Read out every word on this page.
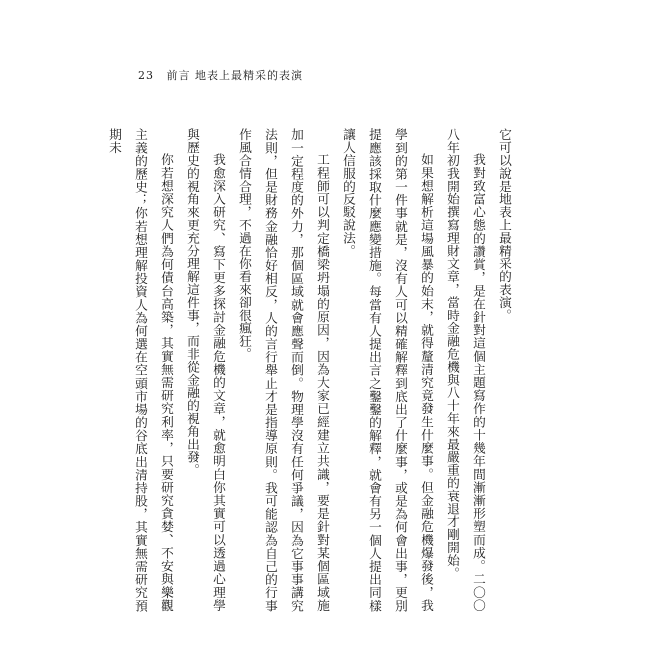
23 前言 地表上最精采的表演

它可以說是地表上最精采的表演。

我對致富心態的讚賞，是在針對這個主題寫作的十幾年間漸漸形塑而成。二〇〇八年初我開始撰寫理財文章，當時金融危機與八十年來最嚴重的衰退才剛開始。

如果想解析這場風暴的始末，就得釐清究竟發生什麼事。但金融危機爆發後，我學到的第一件事就是，沒有人可以精確解釋到底出了什麼事，或是為何會出事，更別提應該採取什麼應變措施。每當有人提出言之鑿鑿的解釋，就會有另一個人提出同樣讓人信服的反駁說法。

工程師可以判定橋梁坍塌的原因，因為大家已經建立共識，要是針對某個區域施加一定程度的外力，那個區域就會應聲而倒。物理學沒有任何爭議，因為它事事講究法則，但是財務金融恰好相反，人的言行舉止才是指導原則。我可能認為自己的行事作風合情合理，不過在你看來卻很瘋狂。

我愈深入研究、寫下更多探討金融危機的文章，就愈明白你其實可以透過心理學與歷史的視角來更充分理解這件事，而非從金融的視角出發。

你若想深究人們為何債台高築，其實無需研究利率，只要研究貪婪、不安與樂觀主義的歷史；你若想理解投資人為何選在空頭市場的谷底出清持股，其實無需研究預期未
